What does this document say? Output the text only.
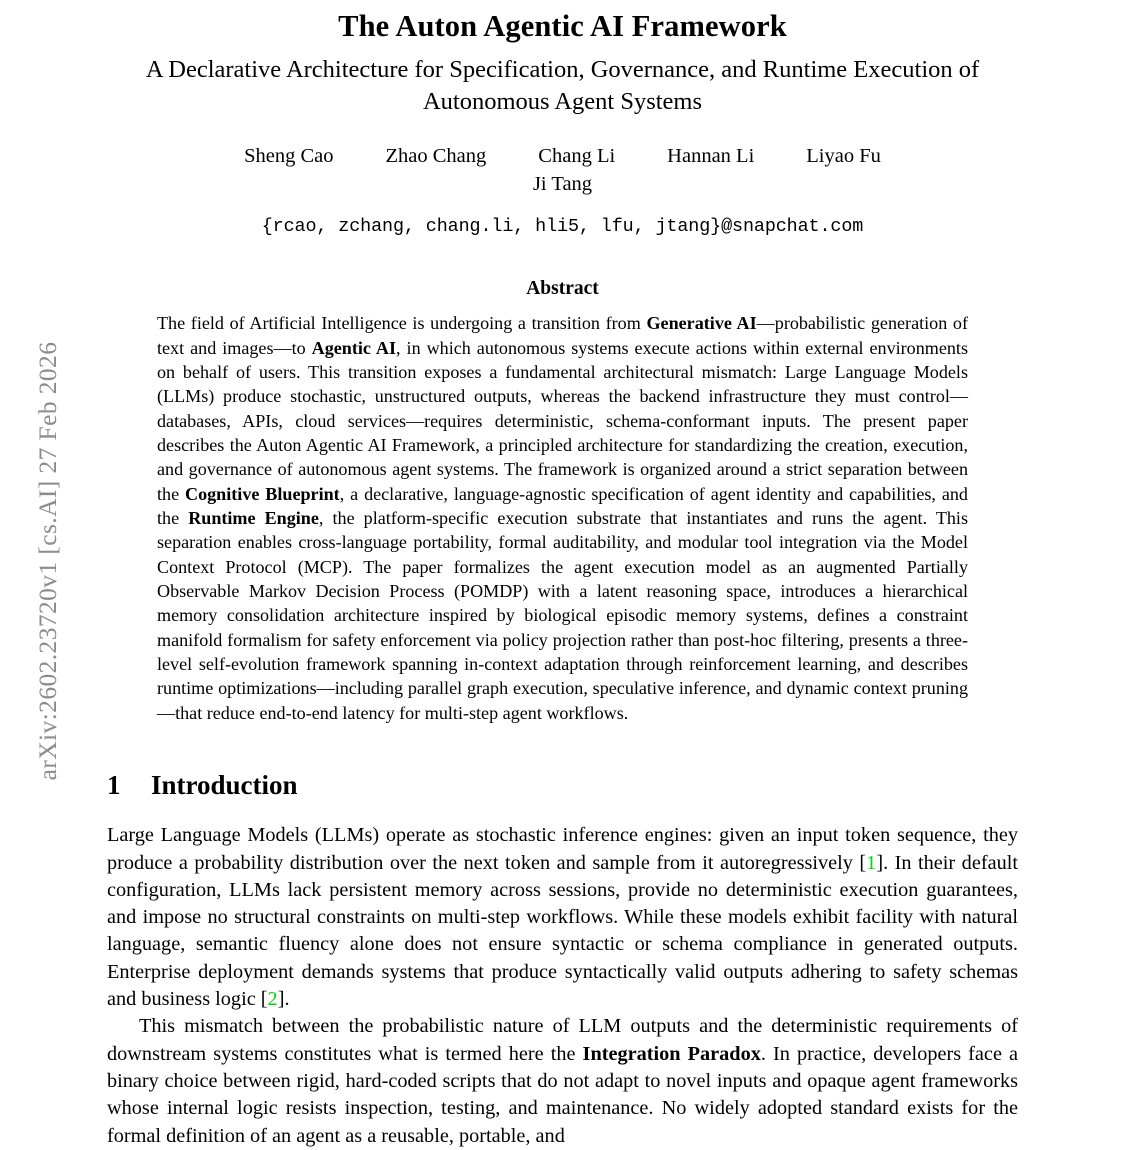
arXiv:2602.23720v1 [cs.AI] 27 Feb 2026
The Auton Agentic AI Framework
A Declarative Architecture for Specification, Governance, and Runtime Execution of Autonomous Agent Systems
Sheng Cao	Zhao Chang	Chang Li	Hannan Li	Liyao Fu
Ji Tang
{rcao, zchang, chang.li, hli5, lfu, jtang}@snapchat.com
Abstract

The field of Artificial Intelligence is undergoing a transition from Generative AI—probabilistic generation of text and images—to Agentic AI, in which autonomous systems execute actions within external environments on behalf of users. This transition exposes a fundamental architectural mismatch: Large Language Models (LLMs) produce stochastic, unstructured outputs, whereas the backend infrastructure they must control—databases, APIs, cloud services—requires deterministic, schema-conformant inputs. The present paper describes the Auton Agentic AI Framework, a principled architecture for standardizing the creation, execution, and governance of autonomous agent systems. The framework is organized around a strict separation between the Cognitive Blueprint, a declarative, language-agnostic specification of agent identity and capabilities, and the Runtime Engine, the platform-specific execution substrate that instantiates and runs the agent. This separation enables cross-language portability, formal auditability, and modular tool integration via the Model Context Protocol (MCP). The paper formalizes the agent execution model as an augmented Partially Observable Markov Decision Process (POMDP) with a latent reasoning space, introduces a hierarchical memory consolidation architecture inspired by biological episodic memory systems, defines a constraint manifold formalism for safety enforcement via policy projection rather than post-hoc filtering, presents a three-level self-evolution framework spanning in-context adaptation through reinforcement learning, and describes runtime optimizations—including parallel graph execution, speculative inference, and dynamic context pruning—that reduce end-to-end latency for multi-step agent workflows.

1	Introduction

Large Language Models (LLMs) operate as stochastic inference engines: given an input token sequence, they produce a probability distribution over the next token and sample from it autoregressively [1]. In their default configuration, LLMs lack persistent memory across sessions, provide no deterministic execution guarantees, and impose no structural constraints on multi-step workflows. While these models exhibit facility with natural language, semantic fluency alone does not ensure syntactic or schema compliance in generated outputs. Enterprise deployment demands systems that produce syntactically valid outputs adhering to safety schemas and business logic [2].

This mismatch between the probabilistic nature of LLM outputs and the deterministic requirements of downstream systems constitutes what is termed here the Integration Paradox. In practice, developers face a binary choice between rigid, hard-coded scripts that do not adapt to novel inputs and opaque agent frameworks whose internal logic resists inspection, testing, and maintenance. No widely adopted standard exists for the formal definition of an agent as a reusable, portable, and
